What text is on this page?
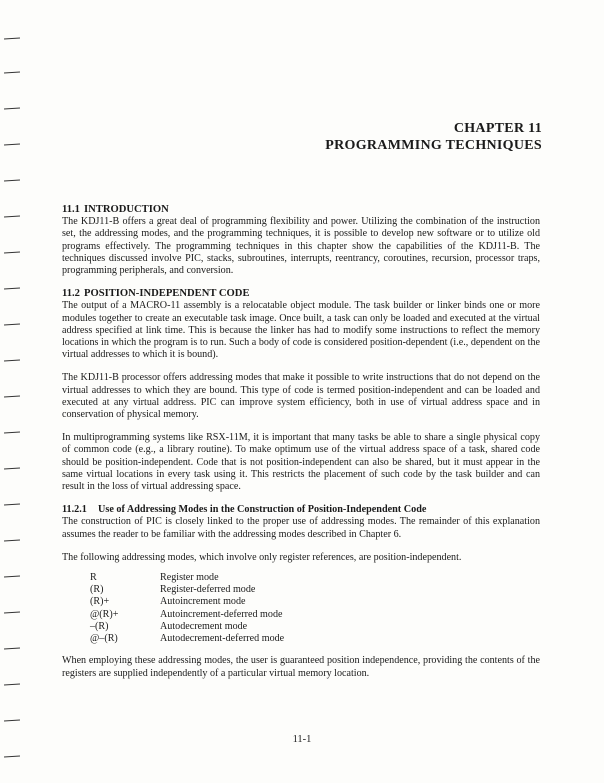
CHAPTER 11
PROGRAMMING TECHNIQUES
11.1 INTRODUCTION

The KDJ11-B offers a great deal of programming flexibility and power. Utilizing the combination of the instruction set, the addressing modes, and the programming techniques, it is possible to develop new software or to utilize old programs effectively. The programming techniques in this chapter show the capabilities of the KDJ11-B. The techniques discussed involve PIC, stacks, subroutines, interrupts, reentrancy, coroutines, recursion, processor traps, programming peripherals, and conversion.

11.2 POSITION-INDEPENDENT CODE

The output of a MACRO-11 assembly is a relocatable object module. The task builder or linker binds one or more modules together to create an executable task image. Once built, a task can only be loaded and executed at the virtual address specified at link time. This is because the linker has had to modify some instructions to reflect the memory locations in which the program is to run. Such a body of code is considered position-dependent (i.e., dependent on the virtual addresses to which it is bound).

The KDJ11-B processor offers addressing modes that make it possible to write instructions that do not depend on the virtual addresses to which they are bound. This type of code is termed position-independent and can be loaded and executed at any virtual address. PIC can improve system efficiency, both in use of virtual address space and in conservation of physical memory.

In multiprogramming systems like RSX-11M, it is important that many tasks be able to share a single physical copy of common code (e.g., a library routine). To make optimum use of the virtual address space of a task, shared code should be position-independent. Code that is not position-independent can also be shared, but it must appear in the same virtual locations in every task using it. This restricts the placement of such code by the task builder and can result in the loss of virtual addressing space.

11.2.1 Use of Addressing Modes in the Construction of Position-Independent Code

The construction of PIC is closely linked to the proper use of addressing modes. The remainder of this explanation assumes the reader to be familiar with the addressing modes described in Chapter 6.

The following addressing modes, which involve only register references, are position-independent.

R	Register mode
(R)	Register-deferred mode
(R)+	Autoincrement mode
@(R)+	Autoincrement-deferred mode
–(R)	Autodecrement mode
@–(R)	Autodecrement-deferred mode

When employing these addressing modes, the user is guaranteed position independence, providing the contents of the registers are supplied independently of a particular virtual memory location.

11-1
